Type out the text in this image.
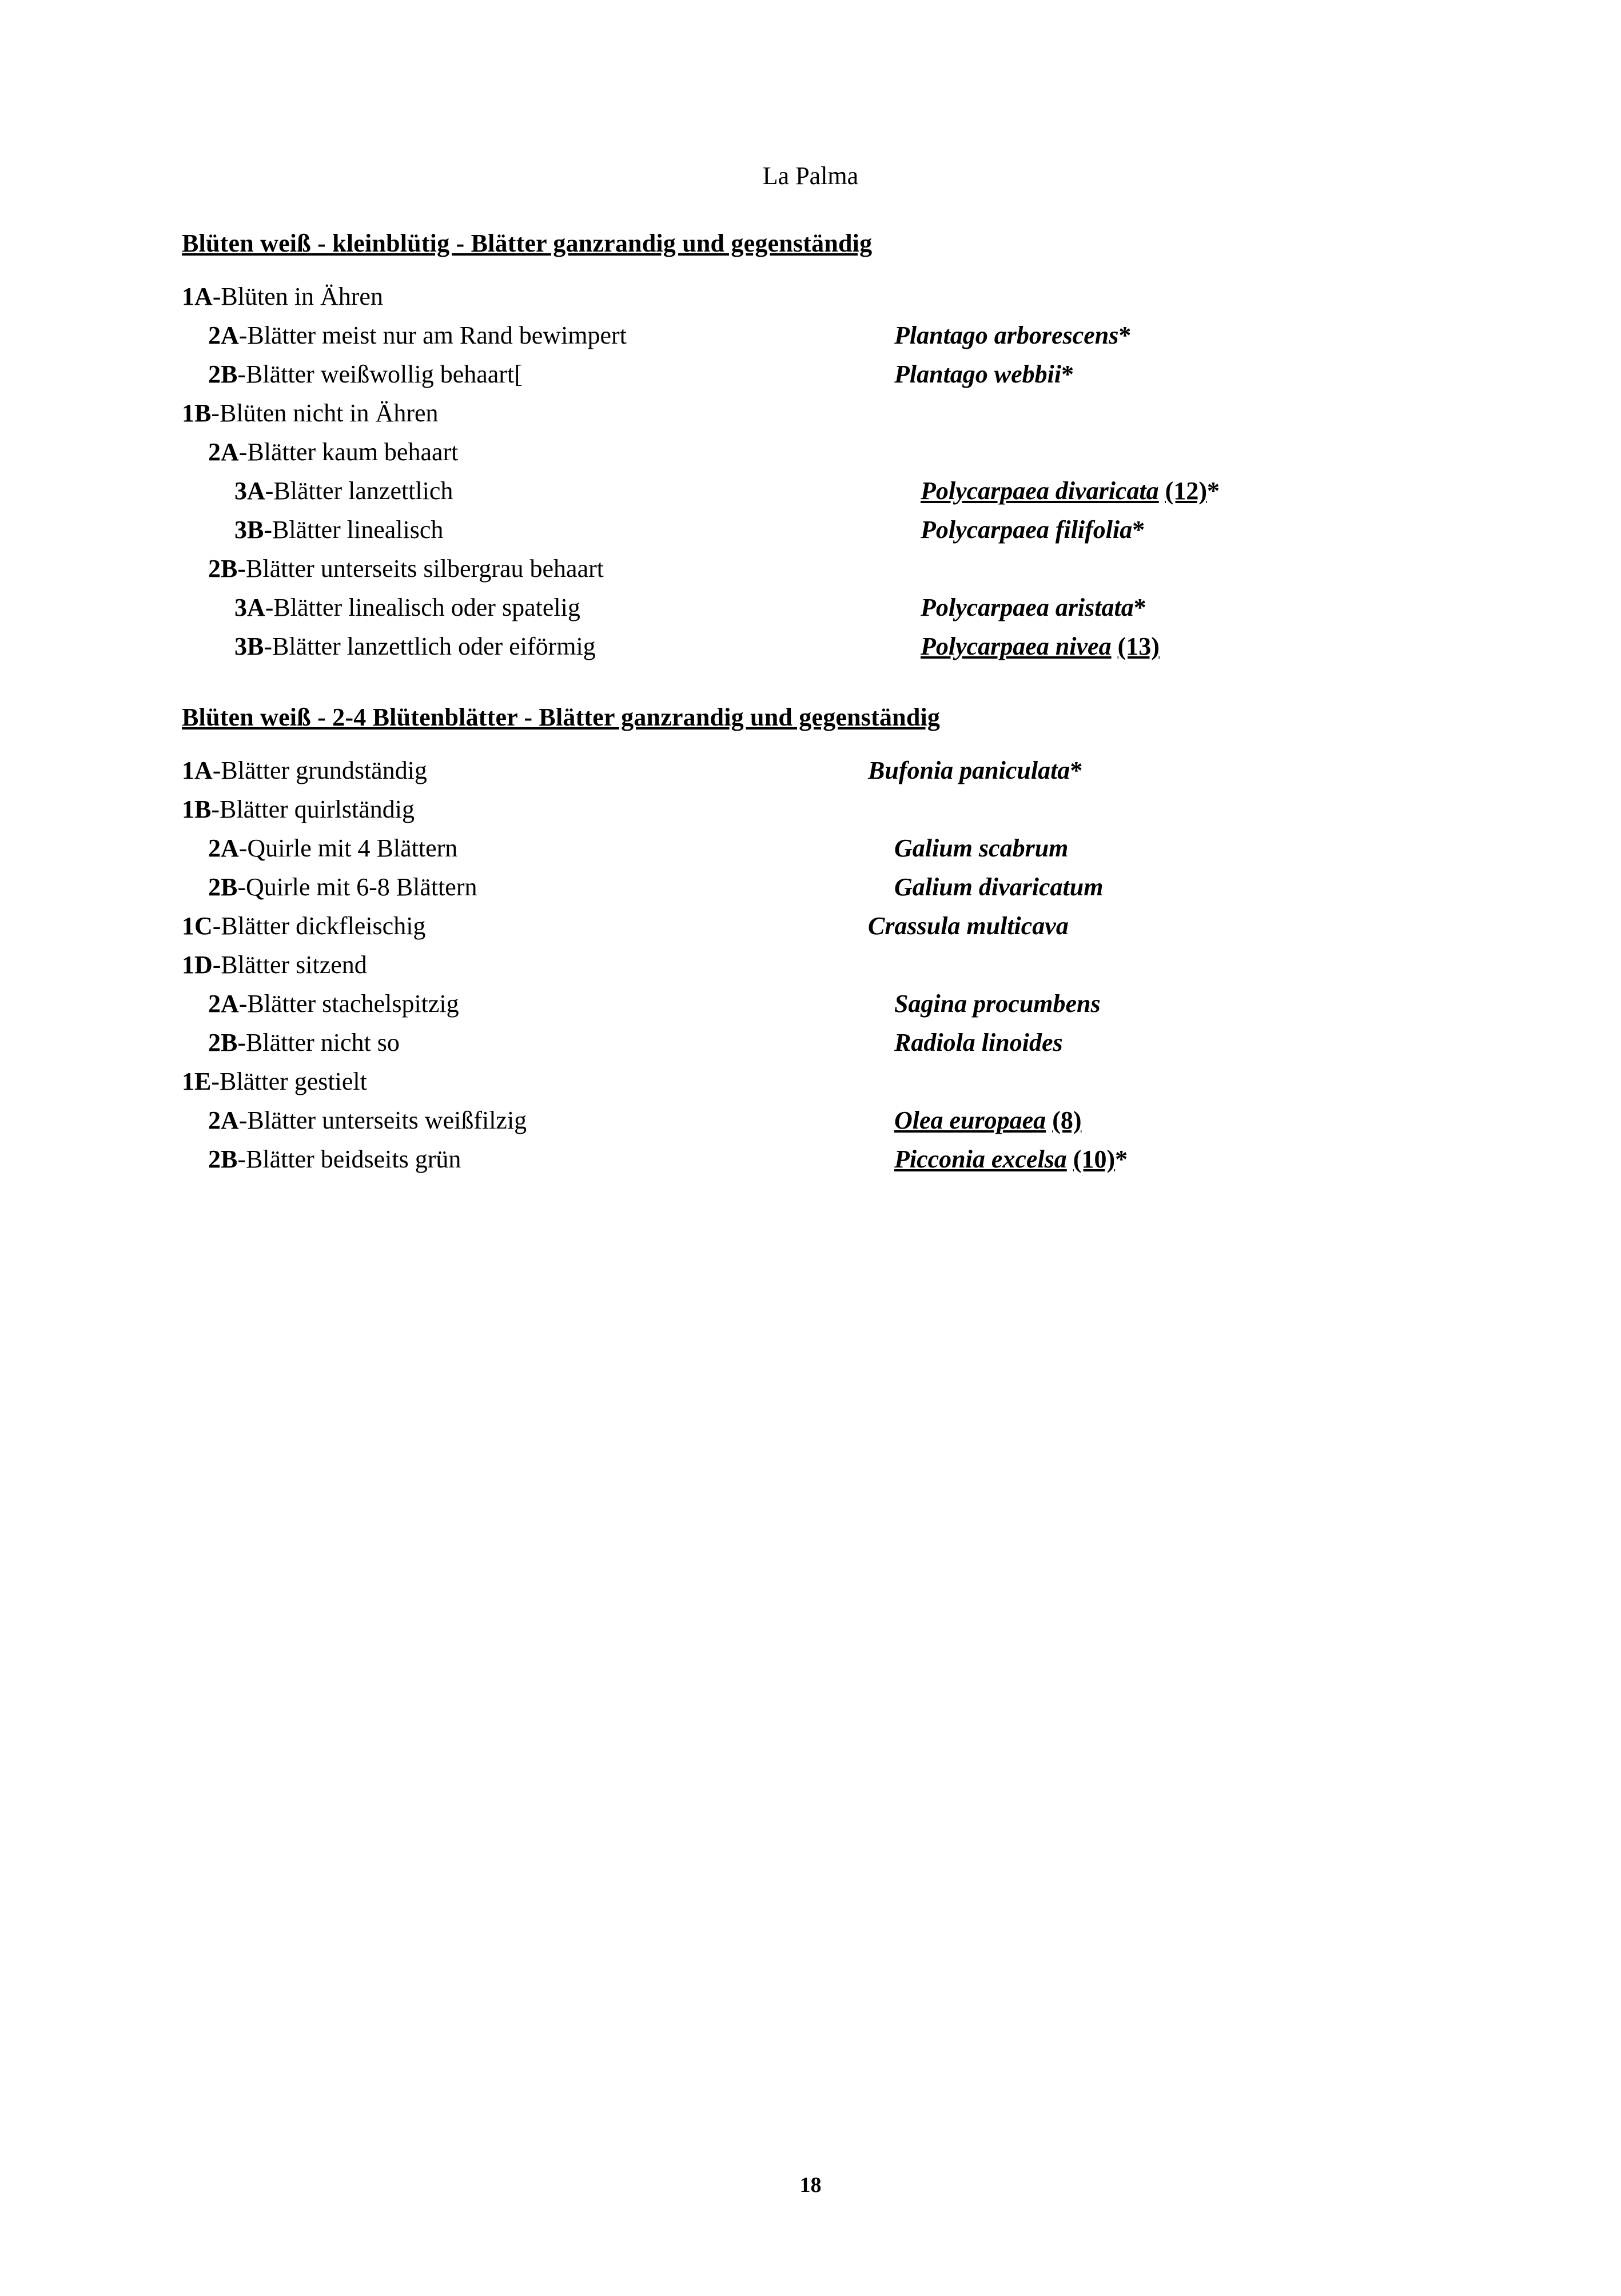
La Palma
Blüten weiß - kleinblütig - Blätter ganzrandig und gegenständig
1A-Blüten in Ähren
2A-Blätter meist nur am Rand bewimpert	Plantago arborescens*
2B-Blätter weißwollig behaart[	Plantago webbii*
1B-Blüten nicht in Ähren
2A-Blätter kaum behaart
3A-Blätter lanzettlich	Polycarpaea divaricata (12)*
3B-Blätter linealisch	Polycarpaea filifolia*
2B-Blätter unterseits silbergrau behaart
3A-Blätter linealisch oder spatelig	Polycarpaea aristata*
3B-Blätter lanzettlich oder eiförmig	Polycarpaea nivea (13)
Blüten weiß - 2-4 Blütenblätter - Blätter ganzrandig und gegenständig
1A-Blätter grundständig	Bufonia paniculata*
1B-Blätter quirlständig
2A-Quirle mit 4 Blättern	Galium scabrum
2B-Quirle mit 6-8 Blättern	Galium divaricatum
1C-Blätter dickfleischig	Crassula multicava
1D-Blätter sitzend
2A-Blätter stachelspitzig	Sagina procumbens
2B-Blätter nicht so	Radiola linoides
1E-Blätter gestielt
2A-Blätter unterseits weißfilzig	Olea europaea (8)
2B-Blätter beidseits grün	Picconia excelsa (10)*
18
